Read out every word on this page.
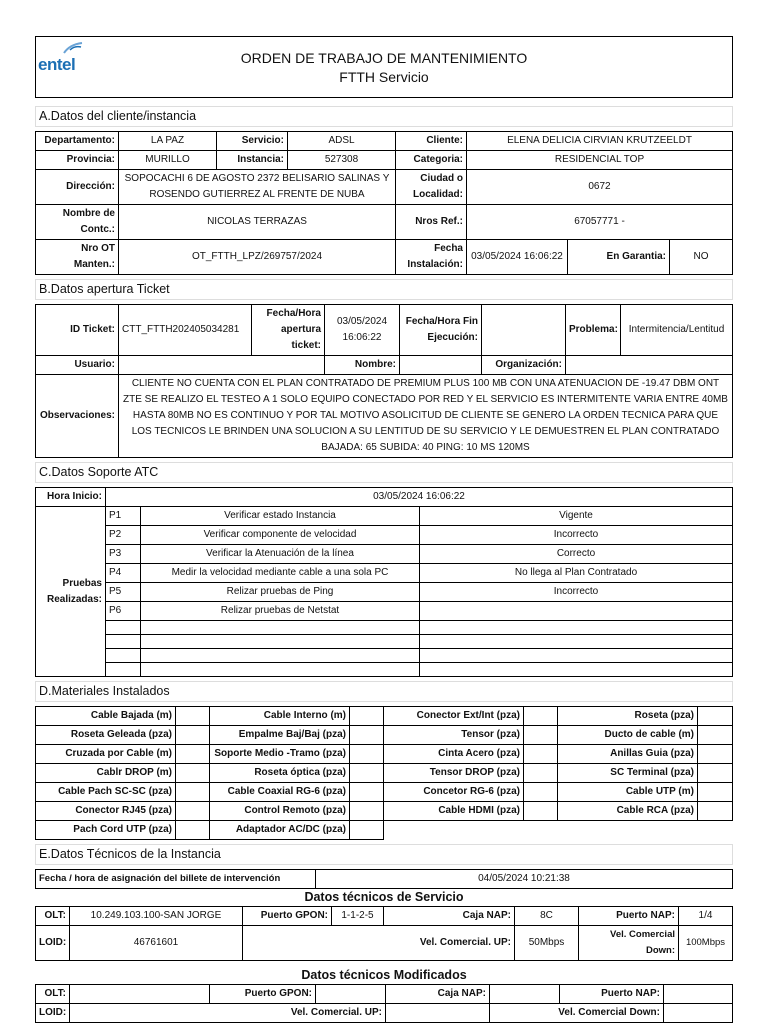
entel	ORDEN DE TRABAJO DE MANTENIMIENTO
FTTH Servicio
A.Datos del cliente/instancia
Departamento:	LA PAZ	Servicio:	ADSL	Cliente:	ELENA DELICIA CIRVIAN KRUTZEELDT		
Provincia:	MURILLO	Instancia:	527308	Categoria:	RESIDENCIAL TOP		
Dirección:	SOPOCACHI 6 DE AGOSTO 2372 BELISARIO SALINAS Y ROSENDO GUTIERREZ AL FRENTE DE NUBA			Ciudad o Localidad:	0672		
Nombre de Contc.:	NICOLAS TERRAZAS			Nros Ref.:	67057771 -		
Nro OT Manten.:	OT_FTTH_LPZ/269757/2024			Fecha Instalación:	03/05/2024 16:06:22	En Garantia:	NO
B.Datos apertura Ticket
ID Ticket:	CTT_FTTH202405034281	Fecha/Hora apertura ticket:	03/05/2024 16:06:22	Fecha/Hora Fin Ejecución:		Problema:	Intermitencia/Lentitud
Usuario:			Nombre:		Organización:		
Observaciones:	CLIENTE NO CUENTA CON EL PLAN CONTRATADO DE PREMIUM PLUS 100 MB CON UNA ATENUACION DE -19.47 DBM ONT ZTE SE REALIZO EL TESTEO A 1 SOLO EQUIPO CONECTADO POR RED Y EL SERVICIO ES INTERMITENTE VARIA ENTRE 40MB HASTA 80MB NO ES CONTINUO Y POR TAL MOTIVO ASOLICITUD DE CLIENTE SE GENERO LA ORDEN TECNICA PARA QUE LOS TECNICOS LE BRINDEN UNA SOLUCION A SU LENTITUD DE SU SERVICIO Y LE DEMUESTREN EL PLAN CONTRATADO BAJADA: 65 SUBIDA: 40 PING: 10 MS 120MS						
C.Datos Soporte ATC
Hora Inicio:	03/05/2024 16:06:22		
Pruebas Realizadas:	P1	Verificar estado Instancia	Vigente
	P2	Verificar componente de velocidad	Incorrecto
	P3	Verificar la Atenuación de la línea	Correcto
	P4	Medir la velocidad mediante cable a una sola PC	No llega al Plan Contratado
	P5	Relizar pruebas de Ping	Incorrecto
	P6	Relizar pruebas de Netstat	

D.Materiales Instalados
Cable Bajada (m)		Cable Interno (m)		Conector Ext/Int (pza)		Roseta (pza)	
Roseta Geleada (pza)		Empalme Baj/Baj (pza)		Tensor (pza)		Ducto de cable (m)	
Cruzada por Cable (m)		Soporte Medio -Tramo (pza)		Cinta Acero (pza)		Anillas Guia (pza)	
Cablr DROP (m)		Roseta óptica (pza)		Tensor DROP (pza)		SC Terminal (pza)	
Cable Pach SC-SC (pza)		Cable Coaxial RG-6 (pza)		Concetor RG-6 (pza)		Cable UTP (m)	
Conector RJ45 (pza)		Control Remoto (pza)		Cable HDMI (pza)		Cable RCA (pza)	
Pach Cord UTP (pza)		Adaptador AC/DC (pza)					
E.Datos Técnicos de la Instancia
Fecha / hora de asignación del billete de intervención	04/05/2024 10:21:38
Datos técnicos de Servicio
OLT:	10.249.103.100-SAN JORGE	Puerto GPON:	1-1-2-5	Caja NAP:	8C	Puerto NAP:	1/4
LOID:	46761601	Vel. Comercial. UP:			50Mbps	Vel. Comercial Down:	100Mbps
Datos técnicos Modificados
OLT:		Puerto GPON:		Caja NAP:		Puerto NAP:	
LOID:	Vel. Comercial. UP:				Vel. Comercial Down:		
